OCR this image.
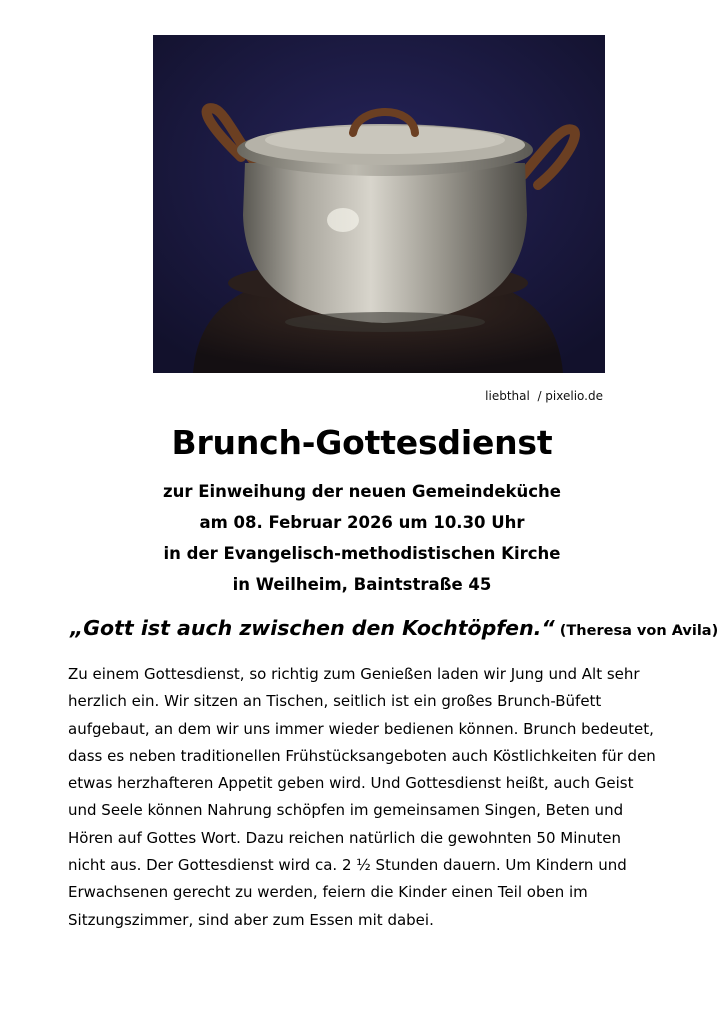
liebthal  / pixelio.de
Brunch-Gottesdienst
zur Einweihung der neuen Gemeindeküche
am 08. Februar 2026 um 10.30 Uhr
in der Evangelisch-methodistischen Kirche
in Weilheim, Baintstraße 45
„Gott ist auch zwischen den Kochtöpfen.“ (Theresa von Avila)
Zu einem Gottesdienst, so richtig zum Genießen laden wir Jung und Alt sehr
herzlich ein. Wir sitzen an Tischen, seitlich ist ein großes Brunch-Büfett
aufgebaut, an dem wir uns immer wieder bedienen können. Brunch bedeutet,
dass es neben traditionellen Frühstücksangeboten auch Köstlichkeiten für den
etwas herzhafteren Appetit geben wird. Und Gottesdienst heißt, auch Geist
und Seele können Nahrung schöpfen im gemeinsamen Singen, Beten und
Hören auf Gottes Wort. Dazu reichen natürlich die gewohnten 50 Minuten
nicht aus. Der Gottesdienst wird ca. 2 ½ Stunden dauern. Um Kindern und
Erwachsenen gerecht zu werden, feiern die Kinder einen Teil oben im
Sitzungszimmer, sind aber zum Essen mit dabei.
